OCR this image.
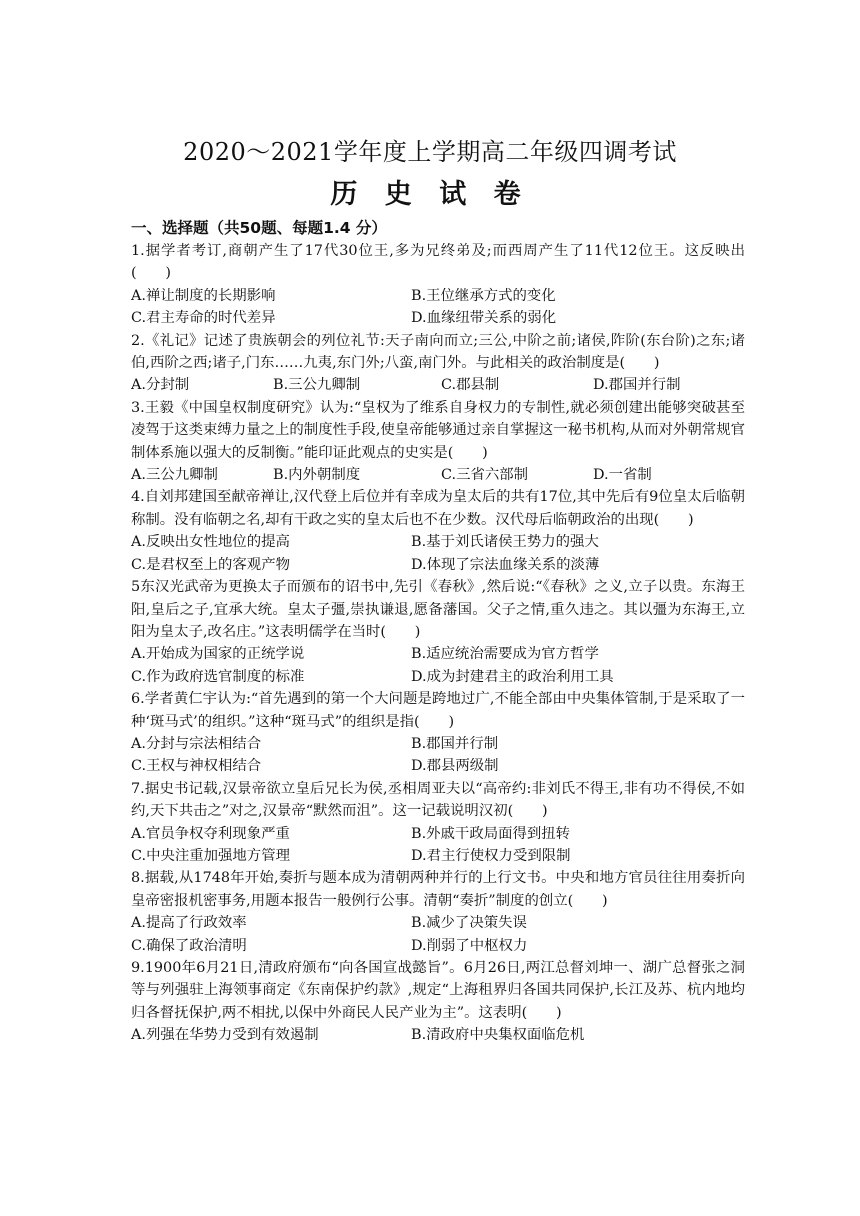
2020～2021学年度上学期高二年级四调考试
历 史 试 卷
一、选择题（共50题、每题1.4 分）

1.据学者考订,商朝产生了17代30位王,多为兄终弟及;而西周产生了11代12位王。这反映出(　　)

A.禅让制度的长期影响	B.王位继承方式的变化
C.君主寿命的时代差异	D.血缘纽带关系的弱化

2.《礼记》记述了贵族朝会的列位礼节:天子南向而立;三公,中阶之前;诸侯,阼阶(东台阶)之东;诸伯,西阶之西;诸子,门东……九夷,东门外;八蛮,南门外。与此相关的政治制度是(　　)

A.分封制	B.三公九卿制	C.郡县制	D.郡国并行制

3.王毅《中国皇权制度研究》认为:“皇权为了维系自身权力的专制性,就必须创建出能够突破甚至凌驾于这类束缚力量之上的制度性手段,使皇帝能够通过亲自掌握这一秘书机构,从而对外朝常规官制体系施以强大的反制衡。”能印证此观点的史实是(　　)

A.三公九卿制	B.内外朝制度	C.三省六部制	D.一省制

4.自刘邦建国至献帝禅让,汉代登上后位并有幸成为皇太后的共有17位,其中先后有9位皇太后临朝称制。没有临朝之名,却有干政之实的皇太后也不在少数。汉代母后临朝政治的出现(　　)

A.反映出女性地位的提高	B.基于刘氏诸侯王势力的强大
C.是君权至上的客观产物	D.体现了宗法血缘关系的淡薄

5东汉光武帝为更换太子而颁布的诏书中,先引《春秋》,然后说:“《春秋》之义,立子以贵。东海王阳,皇后之子,宜承大统。皇太子彊,崇执谦退,愿备藩国。父子之情,重久违之。其以彊为东海王,立阳为皇太子,改名庄。”这表明儒学在当时(　　)

A.开始成为国家的正统学说	B.适应统治需要成为官方哲学
C.作为政府选官制度的标准	D.成为封建君主的政治利用工具

6.学者黄仁宇认为:“首先遇到的第一个大问题是跨地过广,不能全部由中央集体管制,于是采取了一种‘斑马式’的组织。”这种“斑马式”的组织是指(　　)

A.分封与宗法相结合	B.郡国并行制
C.王权与神权相结合	D.郡县两级制

7.据史书记载,汉景帝欲立皇后兄长为侯,丞相周亚夫以“高帝约:非刘氏不得王,非有功不得侯,不如约,天下共击之”对之,汉景帝“默然而沮”。这一记载说明汉初(　　)

A.官员争权夺利现象严重	B.外戚干政局面得到扭转
C.中央注重加强地方管理	D.君主行使权力受到限制

8.据载,从1748年开始,奏折与题本成为清朝两种并行的上行文书。中央和地方官员往往用奏折向皇帝密报机密事务,用题本报告一般例行公事。清朝“奏折”制度的创立(　　)

A.提高了行政效率	B.减少了决策失误
C.确保了政治清明	D.削弱了中枢权力

9.1900年6月21日,清政府颁布“向各国宣战懿旨”。6月26日,两江总督刘坤一、湖广总督张之洞等与列强驻上海领事商定《东南保护约款》,规定“上海租界归各国共同保护,长江及苏、杭内地均归各督抚保护,两不相扰,以保中外商民人民产业为主”。这表明(　　)

A.列强在华势力受到有效遏制	B.清政府中央集权面临危机
